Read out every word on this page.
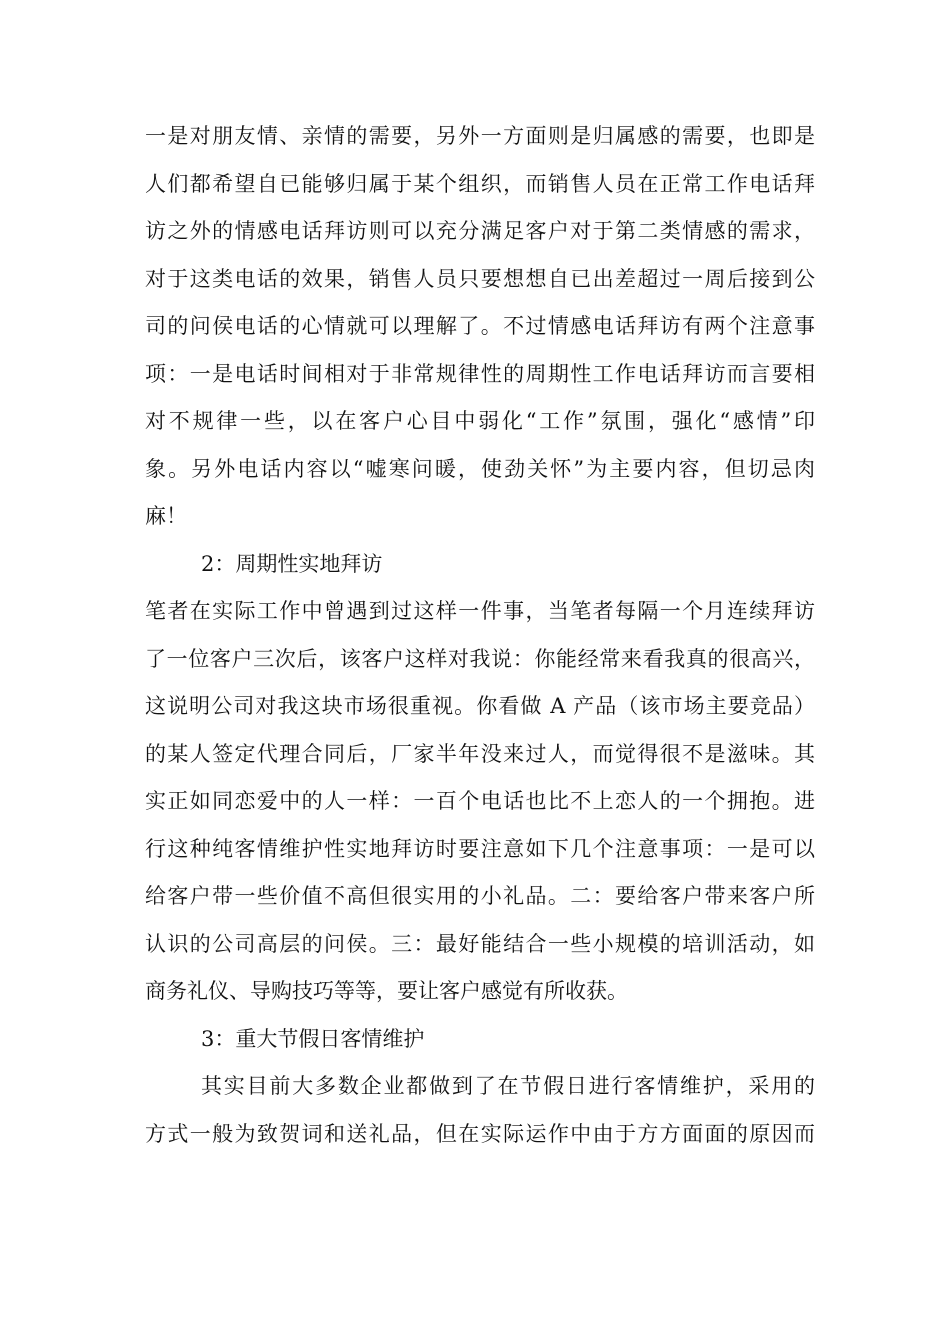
一是对朋友情、亲情的需要，另外一方面则是归属感的需要，也即是
人们都希望自已能够归属于某个组织，而销售人员在正常工作电话拜
访之外的情感电话拜访则可以充分满足客户对于第二类情感的需求，
对于这类电话的效果，销售人员只要想想自已出差超过一周后接到公
司的问侯电话的心情就可以理解了。不过情感电话拜访有两个注意事
项：一是电话时间相对于非常规律性的周期性工作电话拜访而言要相
对不规律一些，以在客户心目中弱化“工作”氛围，强化“感情”印
象。另外电话内容以“嘘寒问暖，使劲关怀”为主要内容，但切忌肉
麻！
2：周期性实地拜访
笔者在实际工作中曾遇到过这样一件事，当笔者每隔一个月连续拜访
了一位客户三次后，该客户这样对我说：你能经常来看我真的很高兴，
这说明公司对我这块市场很重视。你看做 A 产品（该市场主要竞品）
的某人签定代理合同后，厂家半年没来过人，而觉得很不是滋味。其
实正如同恋爱中的人一样：一百个电话也比不上恋人的一个拥抱。进
行这种纯客情维护性实地拜访时要注意如下几个注意事项：一是可以
给客户带一些价值不高但很实用的小礼品。二：要给客户带来客户所
认识的公司高层的问侯。三：最好能结合一些小规模的培训活动，如
商务礼仪、导购技巧等等，要让客户感觉有所收获。
3：重大节假日客情维护
其实目前大多数企业都做到了在节假日进行客情维护，采用的
方式一般为致贺词和送礼品，但在实际运作中由于方方面面的原因而
